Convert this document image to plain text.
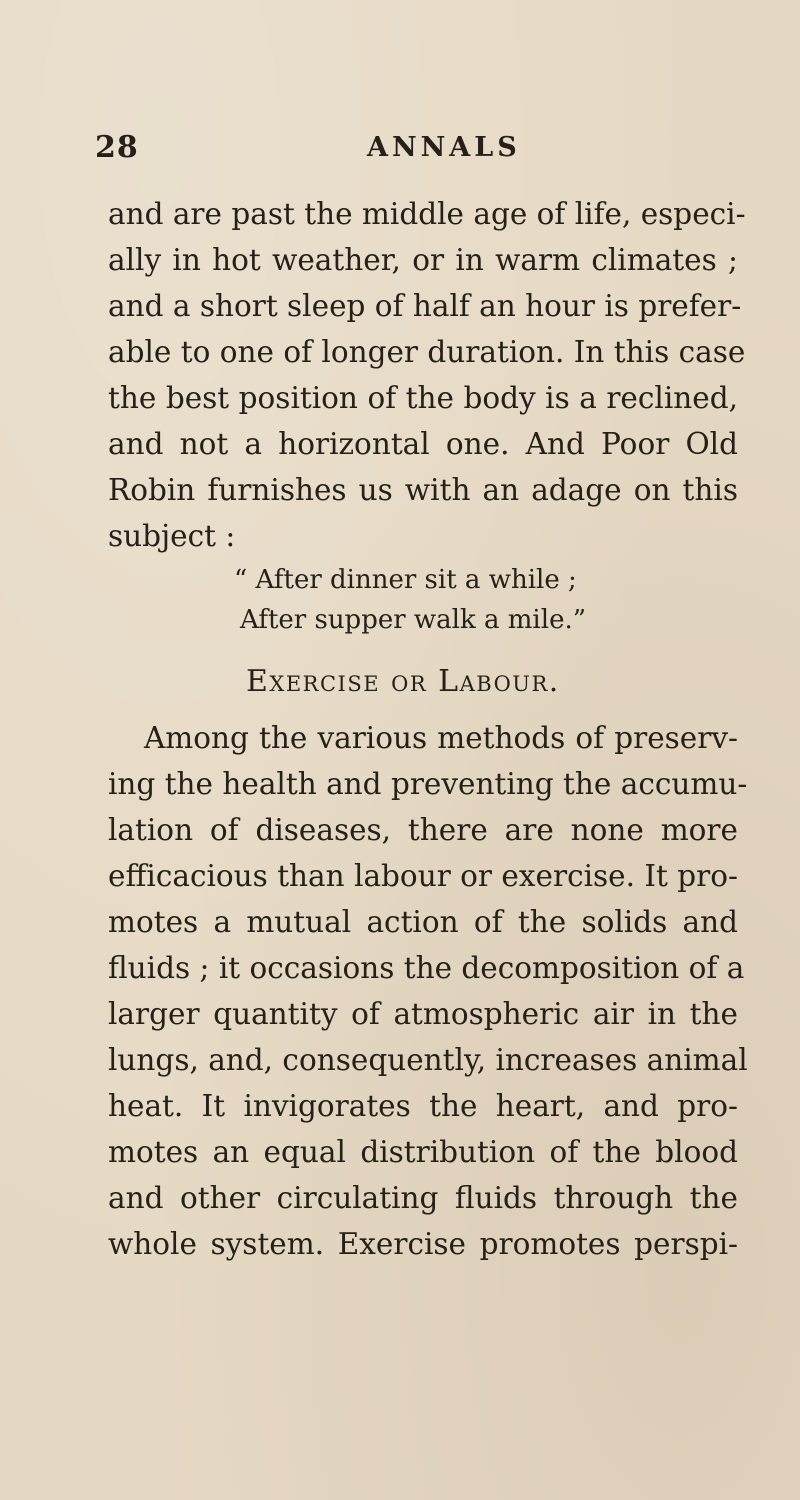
28	ANNALS
and are past the middle age of life, especi-
ally in hot weather, or in warm climates ;
and a short sleep of half an hour is prefer-
able to one of longer duration. In this case
the best position of the body is a reclined,
and not a horizontal one. And Poor Old
Robin furnishes us with an adage on this
subject :
“ After dinner sit a while ;
After supper walk a mile.”
Exercise or Labour.
Among the various methods of preserv-
ing the health and preventing the accumu-
lation of diseases, there are none more
efficacious than labour or exercise. It pro-
motes a mutual action of the solids and
fluids ; it occasions the decomposition of a
larger quantity of atmospheric air in the
lungs, and, consequently, increases animal
heat. It invigorates the heart, and pro-
motes an equal distribution of the blood
and other circulating fluids through the
whole system. Exercise promotes perspi-
